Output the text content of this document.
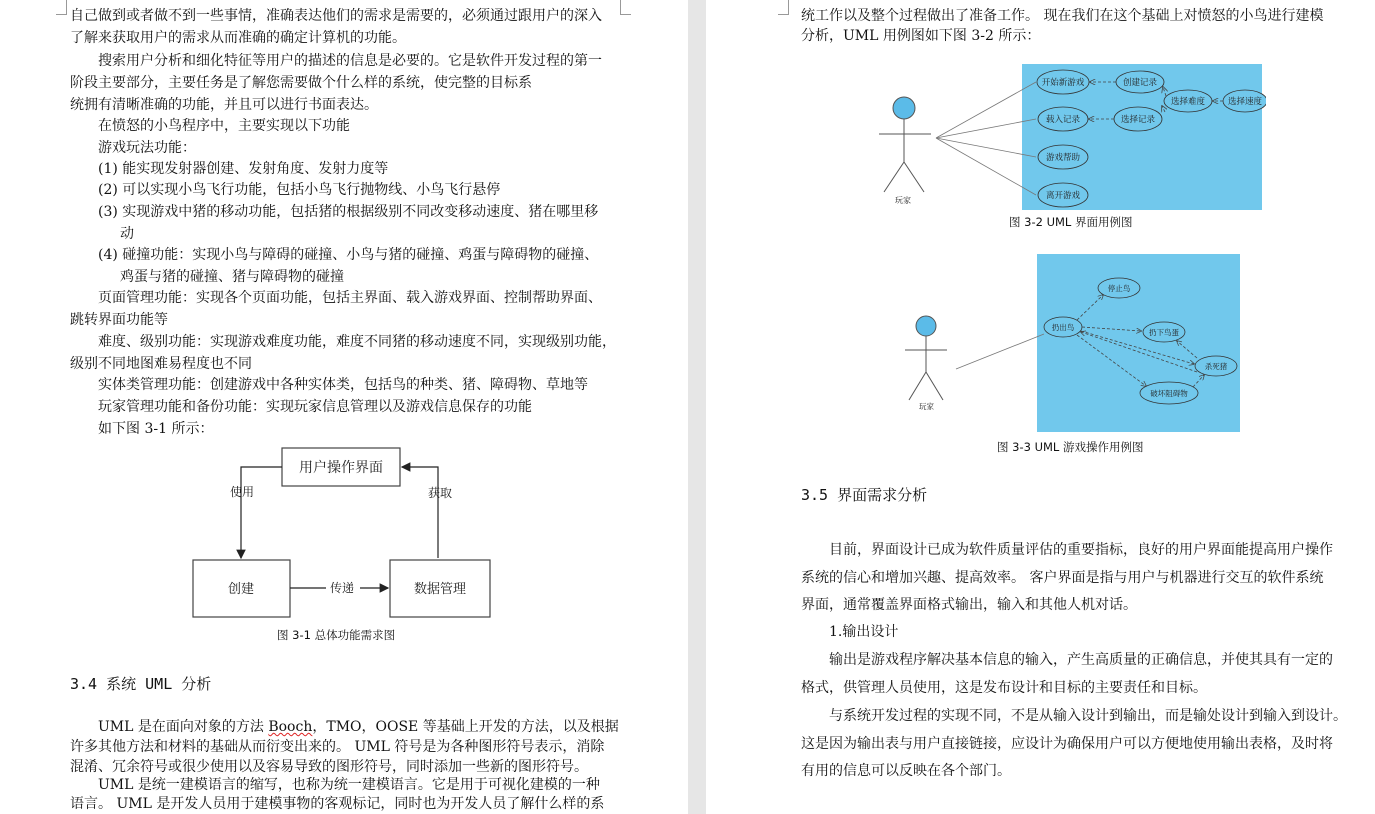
自己做到或者做不到一些事情，准确表达他们的需求是需要的，必须通过跟用户的深入
了解来获取用户的需求从而准确的确定计算机的功能。
搜索用户分析和细化特征等用户的描述的信息是必要的。它是软件开发过程的第一
阶段主要部分，主要任务是了解您需要做个什么样的系统，使完整的目标系
统拥有清晰准确的功能，并且可以进行书面表达。
在愤怒的小鸟程序中，主要实现以下功能
游戏玩法功能：
(1) 能实现发射器创建、发射角度、发射力度等
(2) 可以实现小鸟飞行功能，包括小鸟飞行抛物线、小鸟飞行悬停
(3) 实现游戏中猪的移动功能，包括猪的根据级别不同改变移动速度、猪在哪里移
动
(4) 碰撞功能：实现小鸟与障碍的碰撞、小鸟与猪的碰撞、鸡蛋与障碍物的碰撞、
鸡蛋与猪的碰撞、猪与障碍物的碰撞
页面管理功能：实现各个页面功能，包括主界面、载入游戏界面、控制帮助界面、
跳转界面功能等
难度、级别功能：实现游戏难度功能，难度不同猪的移动速度不同，实现级别功能，
级别不同地图难易程度也不同
实体类管理功能：创建游戏中各种实体类，包括鸟的种类、猪、障碍物、草地等
玩家管理功能和备份功能：实现玩家信息管理以及游戏信息保存的功能
如下图 3-1 所示：
用户操作界面
创建	数据管理
使用	获取
传递
图 3-1 总体功能需求图
3.4 系统 UML 分析
UML 是在面向对象的方法 Booch，TMO，OOSE 等基础上开发的方法，以及根据
许多其他方法和材料的基础从而衍变出来的。 UML 符号是为各种图形符号表示，消除
混淆、冗余符号或很少使用以及容易导致的图形符号，同时添加一些新的图形符号。
UML 是统一建模语言的缩写，也称为统一建模语言。它是用于可视化建模的一种
语言。 UML 是开发人员用于建模事物的客观标记，同时也为开发人员了解什么样的系
统工作以及整个过程做出了准备工作。 现在我们在这个基础上对愤怒的小鸟进行建模
分析，UML 用例图如下图 3-2 所示：
玩家
开始新游戏	创建记录
选择难度	选择速度
载入记录	选择记录
游戏帮助
离开游戏
图 3-2 UML 界面用例图
玩家
停止鸟
扔出鸟
扔下鸟蛋
杀死猪
破坏阻碍物
图 3-3 UML 游戏操作用例图
3.5 界面需求分析
目前，界面设计已成为软件质量评估的重要指标，良好的用户界面能提高用户操作
系统的信心和增加兴趣、提高效率。 客户界面是指与用户与机器进行交互的软件系统
界面，通常覆盖界面格式输出，输入和其他人机对话。
1.输出设计
输出是游戏程序解决基本信息的输入，产生高质量的正确信息，并使其具有一定的
格式，供管理人员使用，这是发布设计和目标的主要责任和目标。
与系统开发过程的实现不同，不是从输入设计到输出，而是输处设计到输入到设计。
这是因为输出表与用户直接链接，应设计为确保用户可以方便地使用输出表格，及时将
有用的信息可以反映在各个部门。
